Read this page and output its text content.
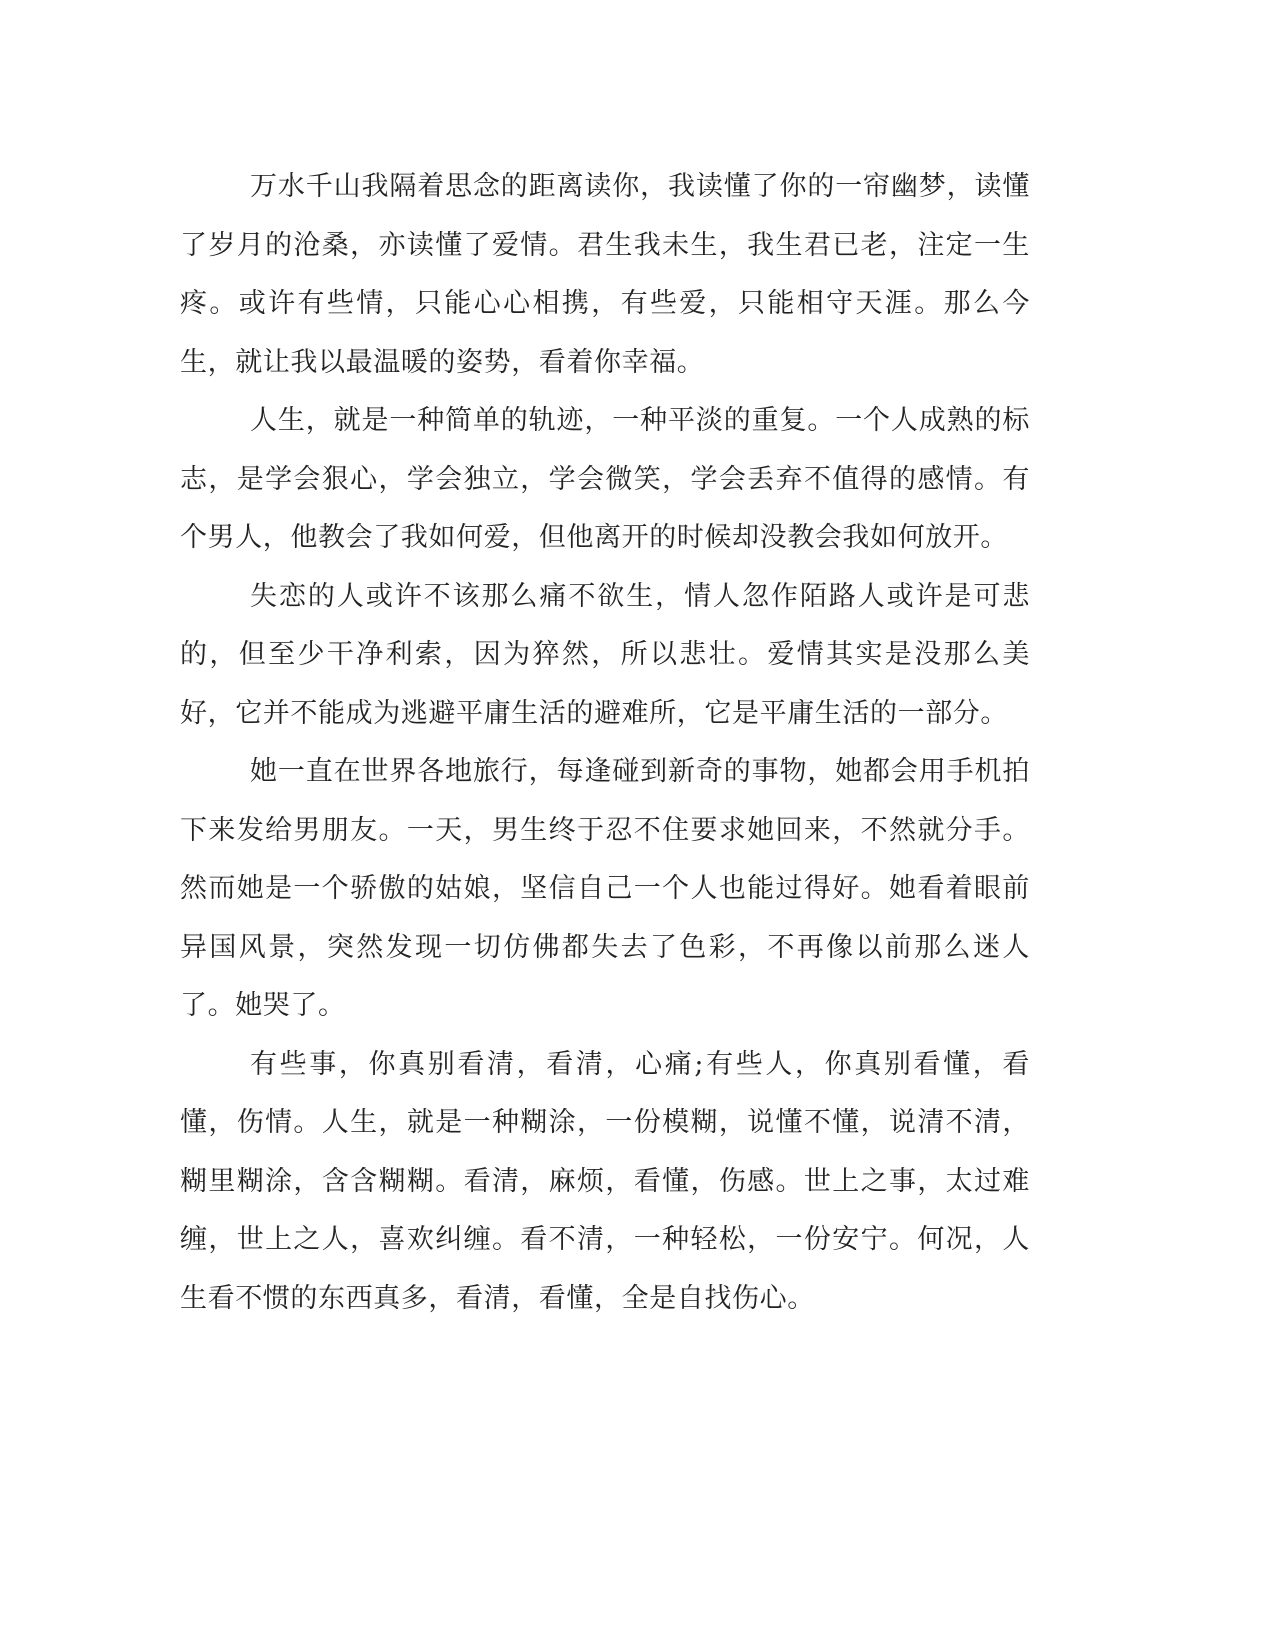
万水千山我隔着思念的距离读你，我读懂了你的一帘幽梦，读懂了岁月的沧桑，亦读懂了爱情。君生我未生，我生君已老，注定一生疼。或许有些情，只能心心相携，有些爱，只能相守天涯。那么今生，就让我以最温暖的姿势，看着你幸福。

人生，就是一种简单的轨迹，一种平淡的重复。一个人成熟的标志，是学会狠心，学会独立，学会微笑，学会丢弃不值得的感情。有个男人，他教会了我如何爱，但他离开的时候却没教会我如何放开。

失恋的人或许不该那么痛不欲生，情人忽作陌路人或许是可悲的，但至少干净利索，因为猝然，所以悲壮。爱情其实是没那么美好，它并不能成为逃避平庸生活的避难所，它是平庸生活的一部分。

她一直在世界各地旅行，每逢碰到新奇的事物，她都会用手机拍下来发给男朋友。一天，男生终于忍不住要求她回来，不然就分手。然而她是一个骄傲的姑娘，坚信自己一个人也能过得好。她看着眼前异国风景，突然发现一切仿佛都失去了色彩，不再像以前那么迷人了。她哭了。

有些事，你真别看清，看清，心痛;有些人，你真别看懂，看懂，伤情。人生，就是一种糊涂，一份模糊，说懂不懂，说清不清，糊里糊涂，含含糊糊。看清，麻烦，看懂，伤感。世上之事，太过难缠，世上之人，喜欢纠缠。看不清，一种轻松，一份安宁。何况，人生看不惯的东西真多，看清，看懂，全是自找伤心。
